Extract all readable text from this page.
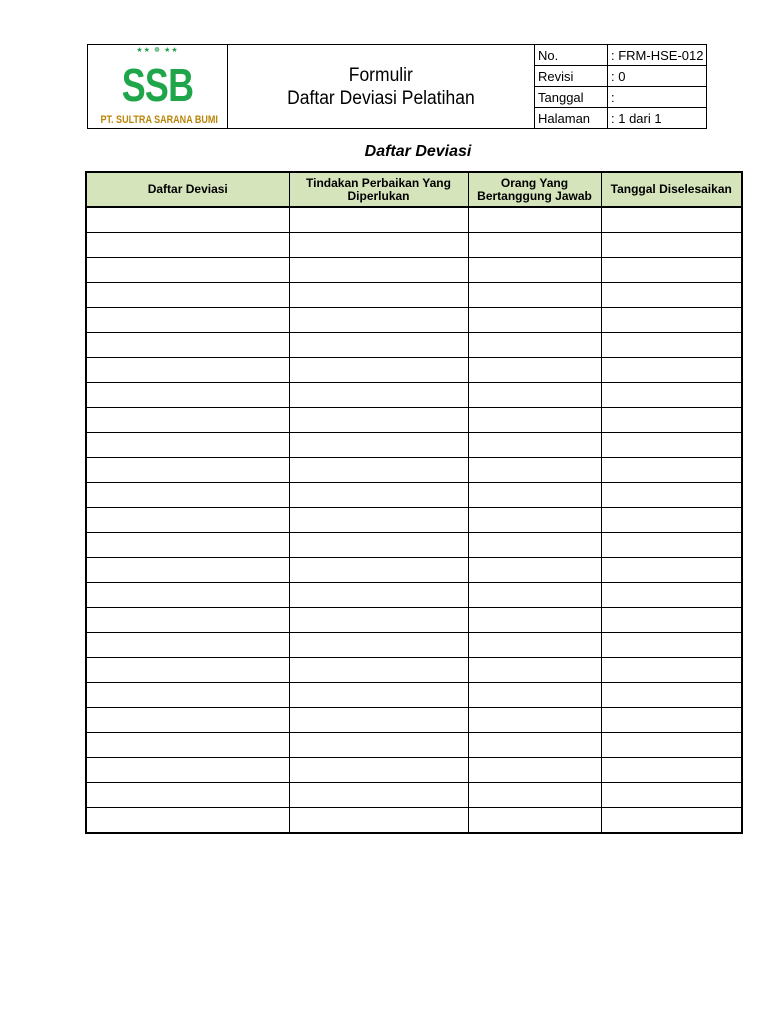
★★ ☸ ★★
SSB
PT. SULTRA SARANA BUMI
Formulir
Daftar Deviasi Pelatihan
No.	: FRM-HSE-012
Revisi	: 0
Tanggal	:
Halaman	: 1 dari 1
Daftar Deviasi
Daftar Deviasi	Tindakan Perbaikan Yang Diperlukan	Orang Yang Bertanggung Jawab	Tanggal Diselesaikan
